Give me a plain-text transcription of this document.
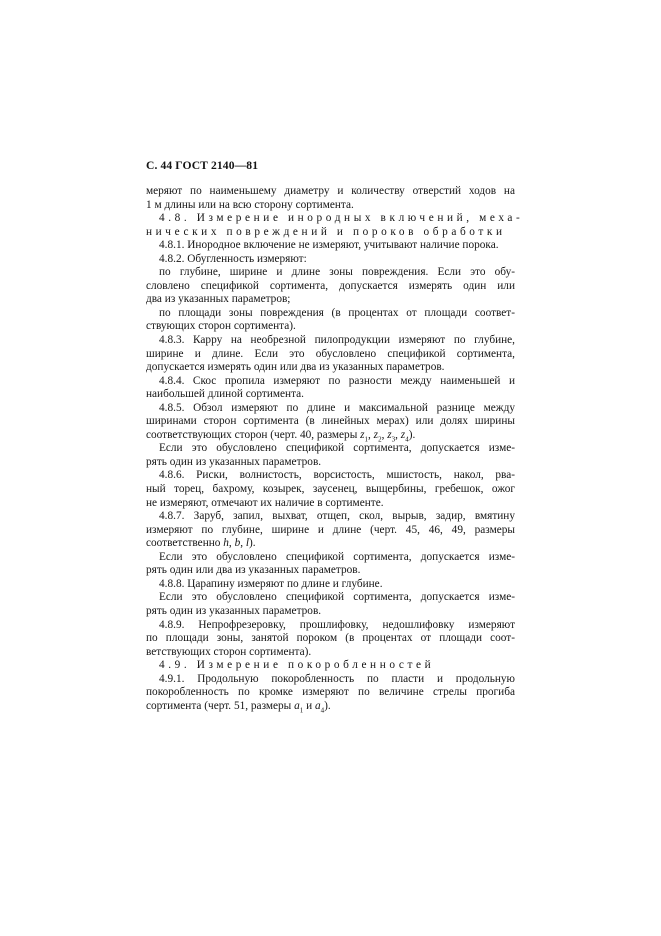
С. 44 ГОСТ 2140—81
меряют по наименьшему диаметру и количеству отверстий ходов на
1 м длины или на всю сторону сортимента.
4.8. Измерение инородных включений, меха-
нических повреждений и пороков обработки
4.8.1. Инородное включение не измеряют, учитывают наличие порока.
4.8.2. Обугленность измеряют:
по глубине, ширине и длине зоны повреждения. Если это обу-
словлено спецификой сортимента, допускается измерять один или
два из указанных параметров;
по площади зоны повреждения (в процентах от площади соответ-
ствующих сторон сортимента).
4.8.3. Карру на необрезной пилопродукции измеряют по глубине,
ширине и длине. Если это обусловлено спецификой сортимента,
допускается измерять один или два из указанных параметров.
4.8.4. Скос пропила измеряют по разности между наименьшей и
наибольшей длиной сортимента.
4.8.5. Обзол измеряют по длине и максимальной разнице между
ширинами сторон сортимента (в линейных мерах) или долях ширины
соответствующих сторон (черт. 40, размеры $z_1$, $z_2$, $z_3$, $z_4$).
Если это обусловлено спецификой сортимента, допускается изме-
рять один из указанных параметров.
4.8.6. Риски, волнистость, ворсистость, мшистость, накол, рва-
ный торец, бахрому, козырек, заусенец, выщербины, гребешок, ожог
не измеряют, отмечают их наличие в сортименте.
4.8.7. Заруб, запил, выхват, отщеп, скол, вырыв, задир, вмятину
измеряют по глубине, ширине и длине (черт. 45, 46, 49, размеры
соответственно h, b, l).
Если это обусловлено спецификой сортимента, допускается изме-
рять один или два из указанных параметров.
4.8.8. Царапину измеряют по длине и глубине.
Если это обусловлено спецификой сортимента, допускается изме-
рять один из указанных параметров.
4.8.9. Непрофрезеровку, прошлифовку, недошлифовку измеряют
по площади зоны, занятой пороком (в процентах от площади соот-
ветствующих сторон сортимента).
4.9. Измерение покоробленностей
4.9.1. Продольную покоробленность по пласти и продольную
покоробленность по кромке измеряют по величине стрелы прогиба
сортимента (черт. 51, размеры $a_1$ и $a_4$).
